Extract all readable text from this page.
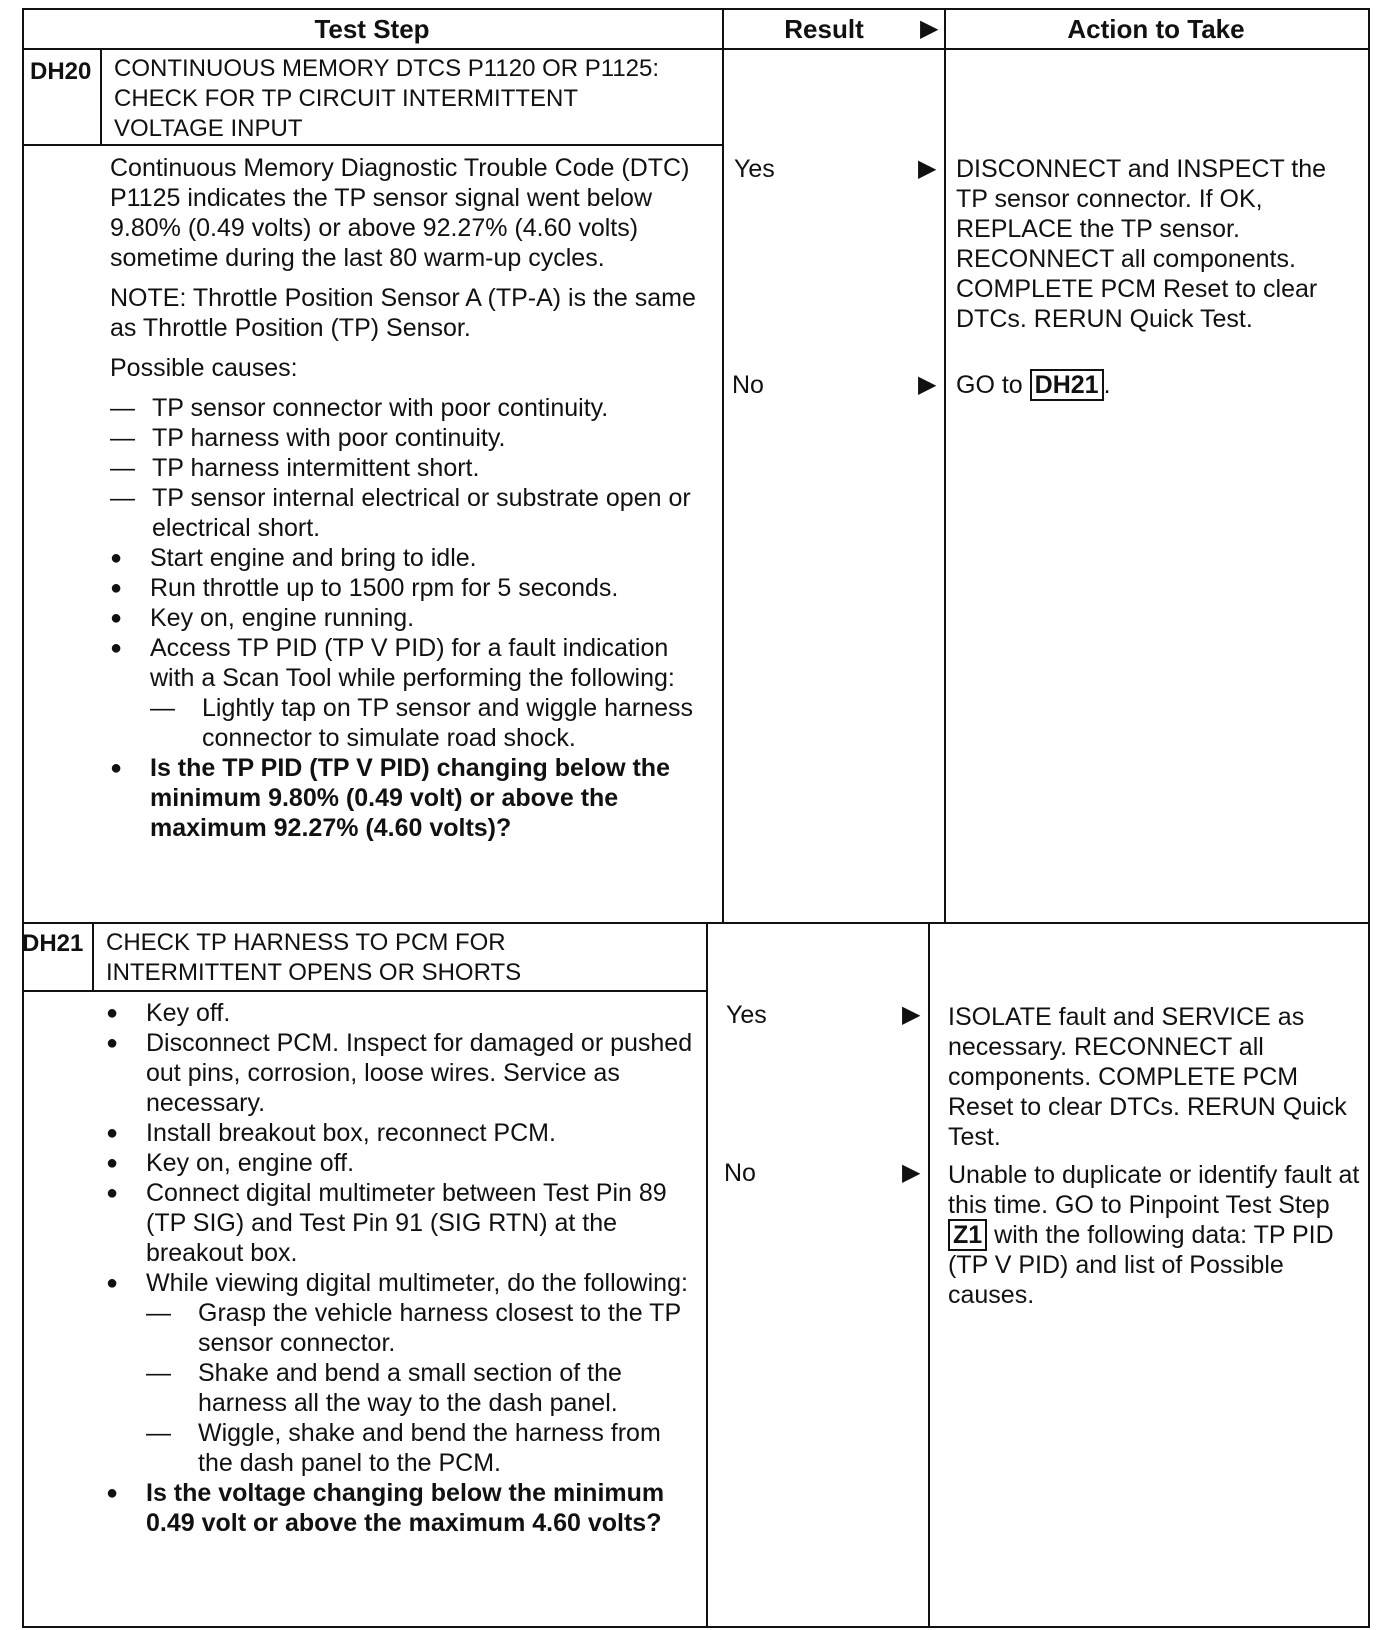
Test Step	Result	▶	Action to Take
DH20 CONTINUOUS MEMORY DTCS P1120 OR P1125:

CHECK FOR TP CIRCUIT INTERMITTENT

VOLTAGE INPUT

Continuous Memory Diagnostic Trouble Code (DTC) P1125 indicates the TP sensor signal went below 9.80% (0.49 volts) or above 92.27% (4.60 volts) sometime during the last 80 warm-up cycles.

NOTE: Throttle Position Sensor A (TP-A) is the same as Throttle Position (TP) Sensor.

Possible causes:

— TP sensor connector with poor continuity.
— TP harness with poor continuity.
— TP harness intermittent short.
— TP sensor internal electrical or substrate open or electrical short.
● Start engine and bring to idle.
● Run throttle up to 1500 rpm for 5 seconds.
● Key on, engine running.
● Access TP PID (TP V PID) for a fault indication with a Scan Tool while performing the following:
— Lightly tap on TP sensor and wiggle harness connector to simulate road shock.
● Is the TP PID (TP V PID) changing below the minimum 9.80% (0.49 volt) or above the maximum 92.27% (4.60 volts)?
Yes	▶ DISCONNECT and INSPECT the TP sensor connector. If OK, REPLACE the TP sensor. RECONNECT all components. COMPLETE PCM Reset to clear DTCs. RERUN Quick Test.
No	▶ GO to DH21 .
DH21 CHECK TP HARNESS TO PCM FOR

INTERMITTENT OPENS OR SHORTS

● Key off.
● Disconnect PCM. Inspect for damaged or pushed out pins, corrosion, loose wires. Service as necessary.
● Install breakout box, reconnect PCM.
● Key on, engine off.
● Connect digital multimeter between Test Pin 89 (TP SIG) and Test Pin 91 (SIG RTN) at the breakout box.
● While viewing digital multimeter, do the following:
— Grasp the vehicle harness closest to the TP sensor connector.
— Shake and bend a small section of the harness all the way to the dash panel.
— Wiggle, shake and bend the harness from the dash panel to the PCM.
● Is the voltage changing below the minimum 0.49 volt or above the maximum 4.60 volts?
Yes	▶ ISOLATE fault and SERVICE as necessary. RECONNECT all components. COMPLETE PCM Reset to clear DTCs. RERUN Quick Test.
No	▶ Unable to duplicate or identify fault at this time. GO to Pinpoint Test Step Z1 with the following data: TP PID (TP V PID) and list of Possible causes.
